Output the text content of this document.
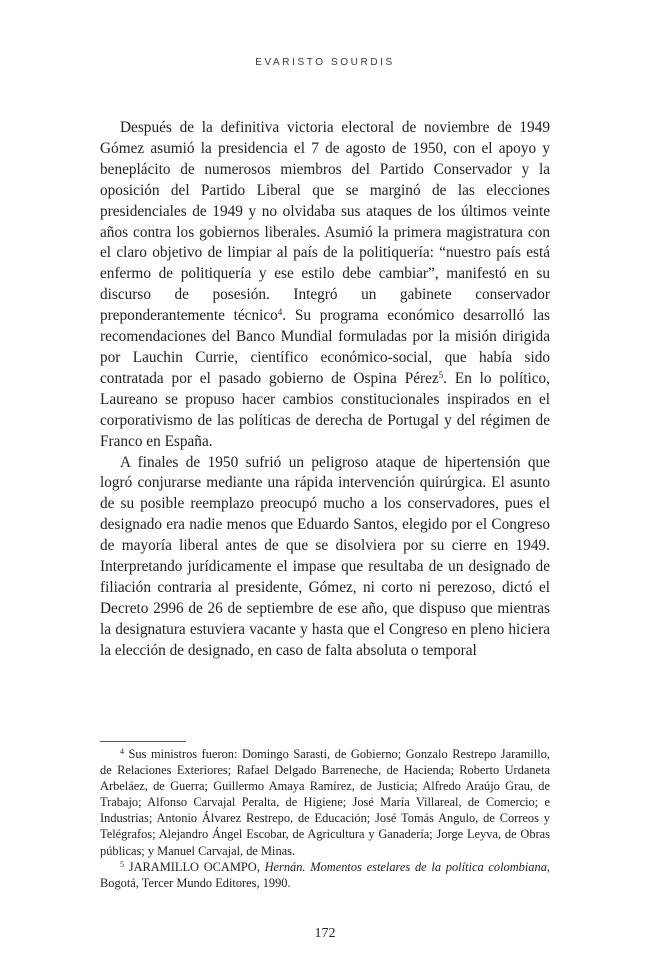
EVARISTO SOURDIS

Después de la definitiva victoria electoral de noviembre de 1949 Gómez asumió la presidencia el 7 de agosto de 1950, con el apoyo y beneplácito de numerosos miembros del Partido Conservador y la oposición del Partido Liberal que se marginó de las elecciones presidenciales de 1949 y no olvidaba sus ataques de los últimos veinte años contra los gobiernos liberales. Asumió la primera magistratura con el claro objetivo de limpiar al país de la politiquería: “nuestro país está enfermo de politiquería y ese estilo debe cambiar”, manifestó en su discurso de posesión. Integró un gabinete conservador preponderantemente técnico$^4$. Su programa económico desarrolló las recomendaciones del Banco Mundial formuladas por la misión dirigida por Lauchin Currie, científico económico-social, que había sido contratada por el pasado gobierno de Ospina Pérez$^5$. En lo político, Laureano se propuso hacer cambios constitucionales inspirados en el corporativismo de las políticas de derecha de Portugal y del régimen de Franco en España.

A finales de 1950 sufrió un peligroso ataque de hipertensión que logró conjurarse mediante una rápida intervención quirúrgica. El asunto de su posible reemplazo preocupó mucho a los conservadores, pues el designado era nadie menos que Eduardo Santos, elegido por el Congreso de mayoría liberal antes de que se disolviera por su cierre en 1949. Interpretando jurídicamente el impase que resultaba de un designado de filiación contraria al presidente, Gómez, ni corto ni perezoso, dictó el Decreto 2996 de 26 de septiembre de ese año, que dispuso que mientras la designatura estuviera vacante y hasta que el Congreso en pleno hiciera la elección de designado, en caso de falta absoluta o temporal

$^4$ Sus ministros fueron: Domingo Sarasti, de Gobierno; Gonzalo Restrepo Jaramillo, de Relaciones Exteriores; Rafael Delgado Barreneche, de Hacienda; Roberto Urdaneta Arbeláez, de Guerra; Guillermo Amaya Ramírez, de Justicia; Alfredo Araújo Grau, de Trabajo; Alfonso Carvajal Peralta, de Higiene; José María Villareal, de Comercio; e Industrias; Antonio Álvarez Restrepo, de Educación; José Tomás Angulo, de Correos y Telégrafos; Alejandro Ángel Escobar, de Agricultura y Ganadería; Jorge Leyva, de Obras públicas; y Manuel Carvajal, de Minas.

$^5$ JARAMILLO OCAMPO, Hernán. Momentos estelares de la política colombiana, Bogotá, Tercer Mundo Editores, 1990.

172
